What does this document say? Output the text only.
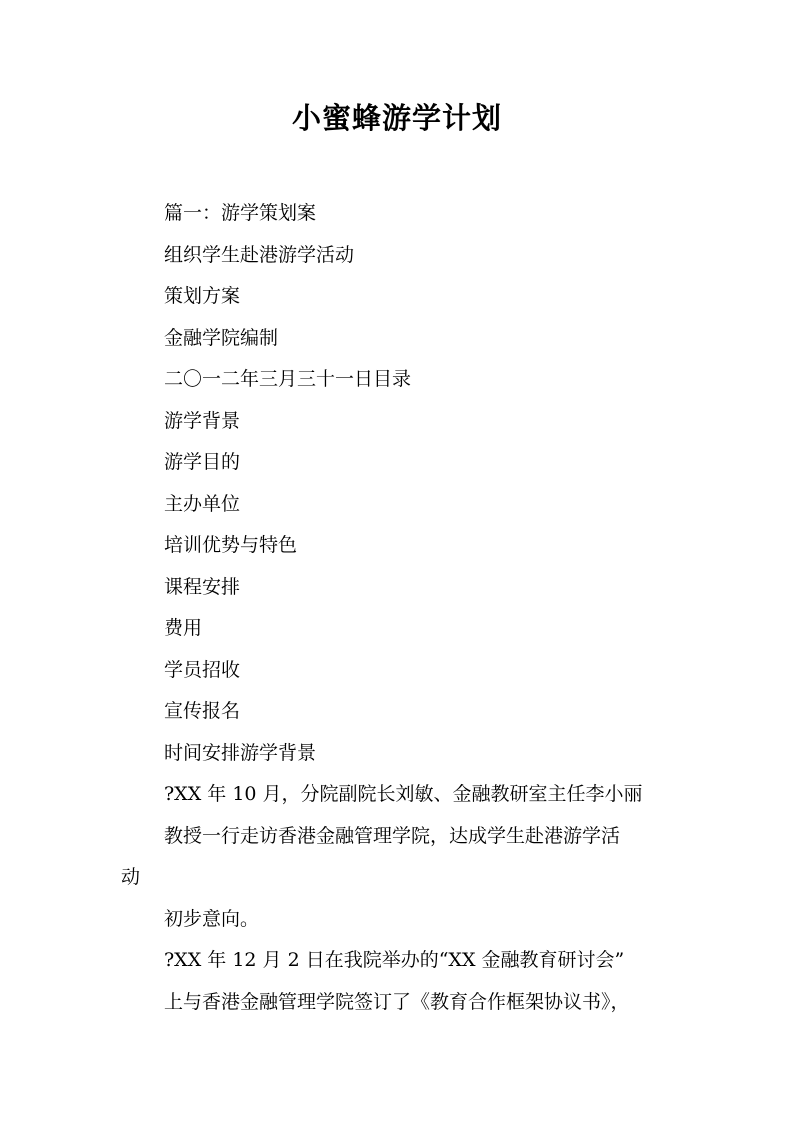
小蜜蜂游学计划
篇一：游学策划案
组织学生赴港游学活动
策划方案
金融学院编制
二〇一二年三月三十一日目录
游学背景
游学目的
主办单位
培训优势与特色
课程安排
费用
学员招收
宣传报名
时间安排游学背景
?XX 年 10 月，分院副院长刘敏、金融教研室主任李小丽
教授一行走访香港金融管理学院，达成学生赴港游学活
动
初步意向。
?XX 年 12 月 2 日在我院举办的“XX 金融教育研讨会”
上与香港金融管理学院签订了《教育合作框架协议书》，
